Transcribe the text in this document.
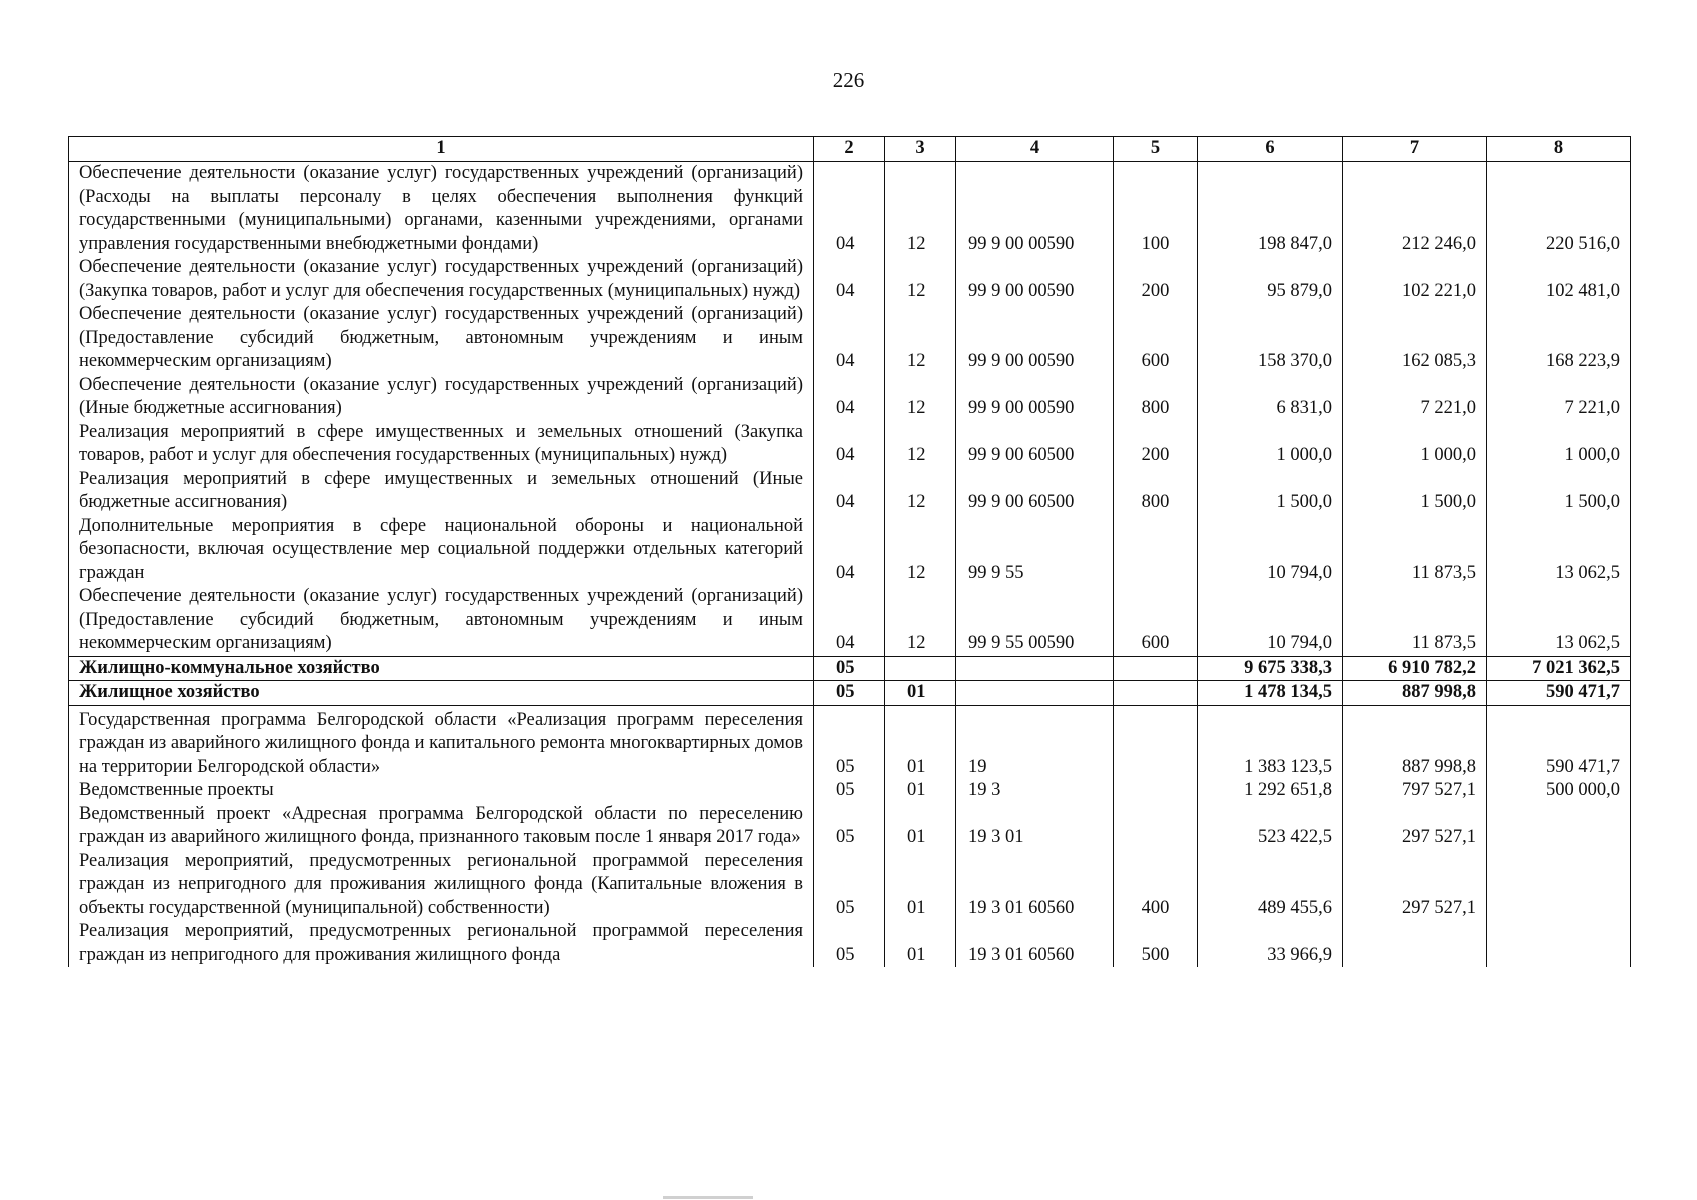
226
1	2	3	4	5	6	7	8
Обеспечение деятельности (оказание услуг) государственных учреждений (организаций) (Расходы на выплаты персоналу в целях обеспечения выполнения функций государственными (муниципальными) органами, казенными учреждениями, органами управления государственными внебюджетными фондами)	04	12	99 9 00 00590	100	198 847,0	212 246,0	220 516,0
Обеспечение деятельности (оказание услуг) государственных учреждений (организаций) (Закупка товаров, работ и услуг для обеспечения государственных (муниципальных) нужд)	04	12	99 9 00 00590	200	95 879,0	102 221,0	102 481,0
Обеспечение деятельности (оказание услуг) государственных учреждений (организаций) (Предоставление субсидий бюджетным, автономным учреждениям и иным некоммерческим организациям)	04	12	99 9 00 00590	600	158 370,0	162 085,3	168 223,9
Обеспечение деятельности (оказание услуг) государственных учреждений (организаций) (Иные бюджетные ассигнования)	04	12	99 9 00 00590	800	6 831,0	7 221,0	7 221,0
Реализация мероприятий в сфере имущественных и земельных отношений (Закупка товаров, работ и услуг для обеспечения государственных (муниципальных) нужд)	04	12	99 9 00 60500	200	1 000,0	1 000,0	1 000,0
Реализация мероприятий в сфере имущественных и земельных отношений (Иные бюджетные ассигнования)	04	12	99 9 00 60500	800	1 500,0	1 500,0	1 500,0
Дополнительные мероприятия в сфере национальной обороны и национальной безопасности, включая осуществление мер социальной поддержки отдельных категорий граждан	04	12	99 9 55		10 794,0	11 873,5	13 062,5
Обеспечение деятельности (оказание услуг) государственных учреждений (организаций) (Предоставление субсидий бюджетным, автономным учреждениям и иным некоммерческим организациям)	04	12	99 9 55 00590	600	10 794,0	11 873,5	13 062,5
Жилищно-коммунальное хозяйство	05				9 675 338,3	6 910 782,2	7 021 362,5
Жилищное хозяйство	05	01			1 478 134,5	887 998,8	590 471,7
Государственная программа Белгородской области «Реализация программ переселения граждан из аварийного жилищного фонда и капитального ремонта многоквартирных домов на территории Белгородской области»	05	01	19		1 383 123,5	887 998,8	590 471,7
Ведомственные проекты	05	01	19 3		1 292 651,8	797 527,1	500 000,0
Ведомственный проект «Адресная программа Белгородской области по переселению граждан из аварийного жилищного фонда, признанного таковым после 1 января 2017 года»	05	01	19 3 01		523 422,5	297 527,1	
Реализация мероприятий, предусмотренных региональной программой переселения граждан из непригодного для проживания жилищного фонда (Капитальные вложения в объекты государственной (муниципальной) собственности)	05	01	19 3 01 60560	400	489 455,6	297 527,1	
Реализация мероприятий, предусмотренных региональной программой переселения граждан из непригодного для проживания жилищного фонда	05	01	19 3 01 60560	500	33 966,9		
